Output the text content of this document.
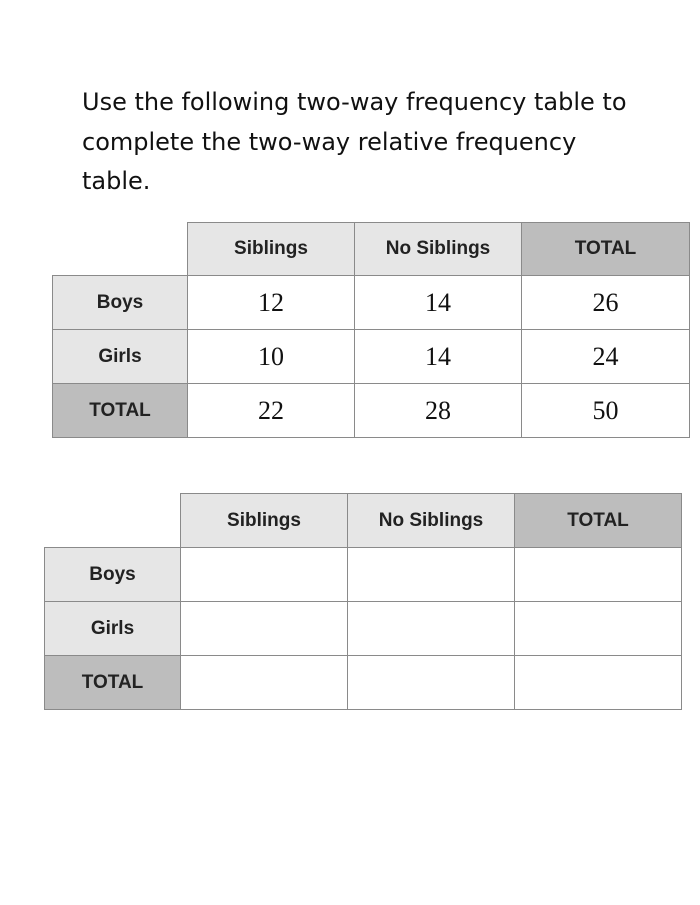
Use the following two-way frequency table to complete the two-way relative frequency table.
	Siblings	No Siblings	TOTAL
Boys	12	14	26
Girls	10	14	24
TOTAL	22	28	50
	Siblings	No Siblings	TOTAL
Boys			
Girls			
TOTAL			
